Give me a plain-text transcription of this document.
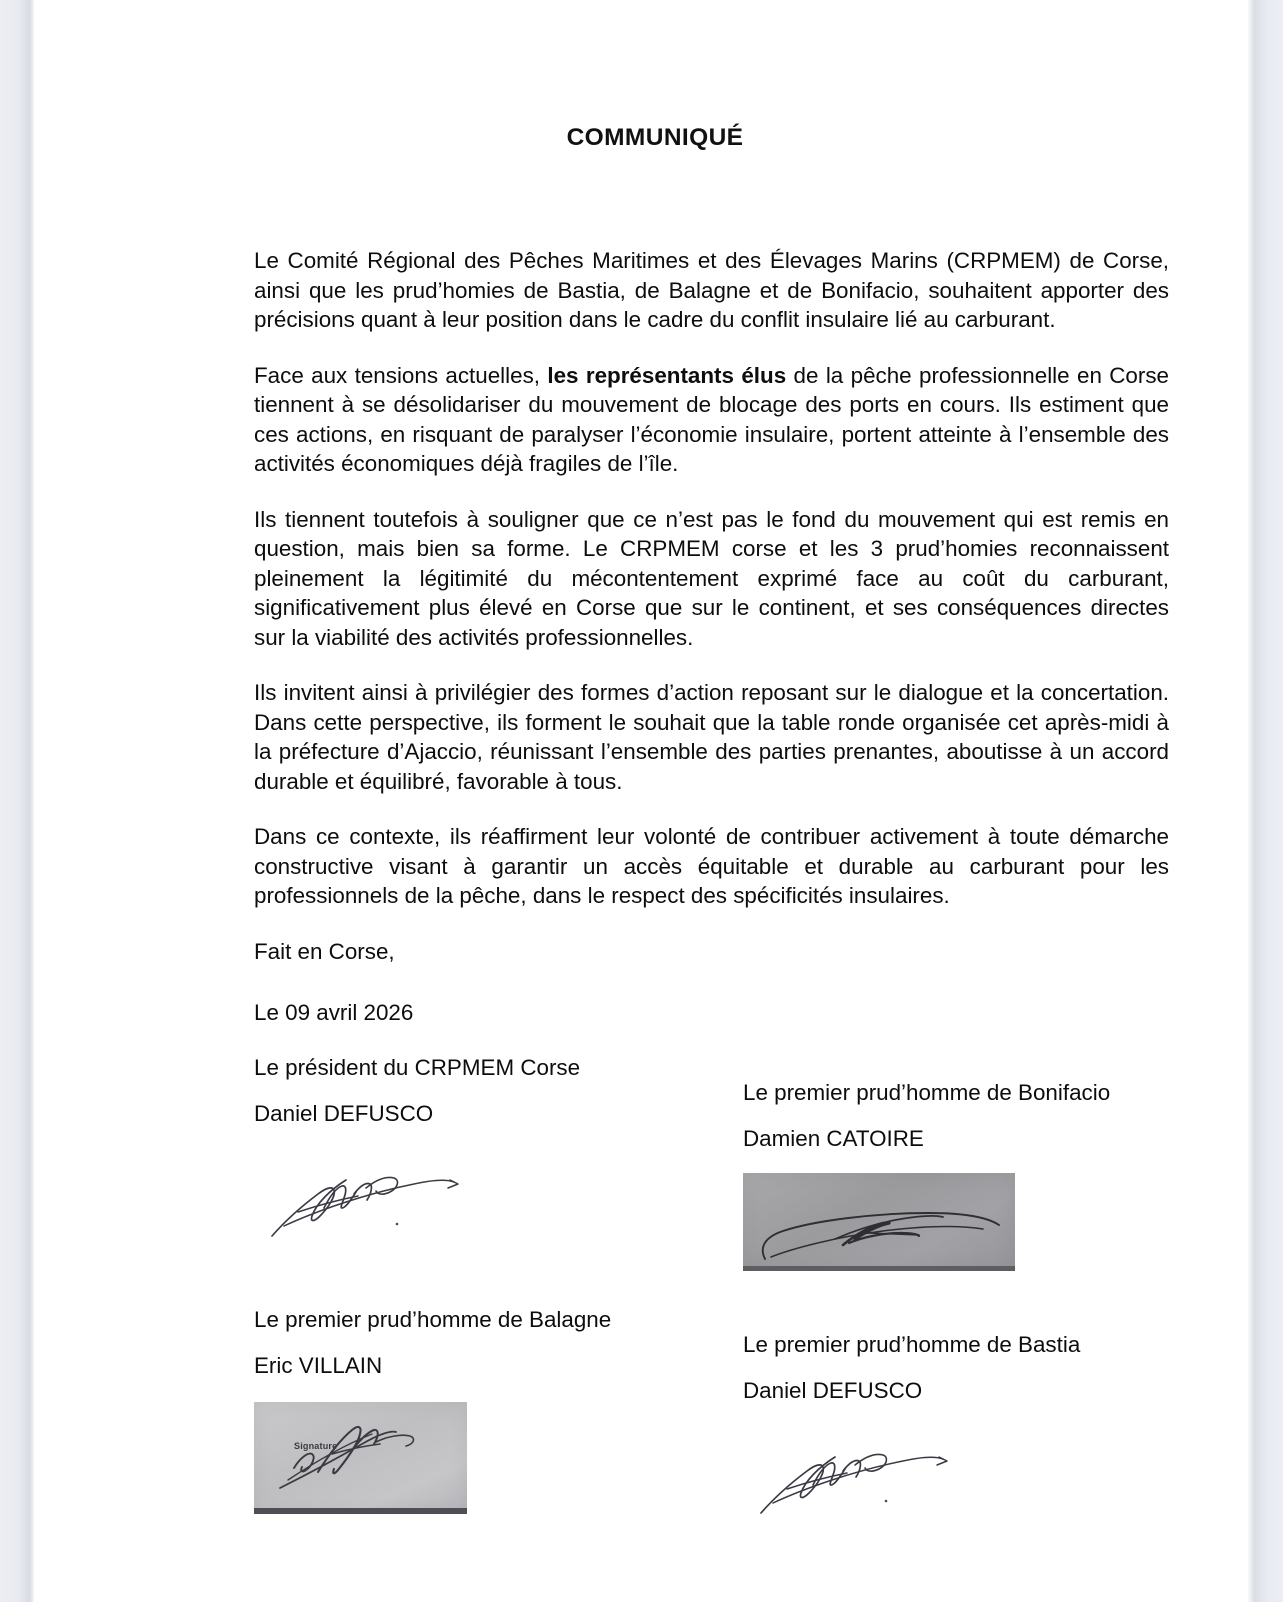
COMMUNIQUÉ

Le Comité Régional des Pêches Maritimes et des Élevages Marins (CRPMEM) de Corse, ainsi que les prud’homies de Bastia, de Balagne et de Bonifacio, souhaitent apporter des précisions quant à leur position dans le cadre du conflit insulaire lié au carburant.

Face aux tensions actuelles, les représentants élus de la pêche professionnelle en Corse tiennent à se désolidariser du mouvement de blocage des ports en cours. Ils estiment que ces actions, en risquant de paralyser l’économie insulaire, portent atteinte à l’ensemble des activités économiques déjà fragiles de l’île.

Ils tiennent toutefois à souligner que ce n’est pas le fond du mouvement qui est remis en question, mais bien sa forme. Le CRPMEM corse et les 3 prud’homies reconnaissent pleinement la légitimité du mécontentement exprimé face au coût du carburant, significativement plus élevé en Corse que sur le continent, et ses conséquences directes sur la viabilité des activités professionnelles.

Ils invitent ainsi à privilégier des formes d’action reposant sur le dialogue et la concertation. Dans cette perspective, ils forment le souhait que la table ronde organisée cet après-midi à la préfecture d’Ajaccio, réunissant l’ensemble des parties prenantes, aboutisse à un accord durable et équilibré, favorable à tous.

Dans ce contexte, ils réaffirment leur volonté de contribuer activement à toute démarche constructive visant à garantir un accès équitable et durable au carburant pour les professionnels de la pêche, dans le respect des spécificités insulaires.

Fait en Corse,
Le 09 avril 2026
Le président du CRPMEM Corse
Daniel DEFUSCO
Le premier prud’homme de Bonifacio
Damien CATOIRE
Le premier prud’homme de Balagne
Eric VILLAIN
Signature
Le premier prud’homme de Bastia
Daniel DEFUSCO
